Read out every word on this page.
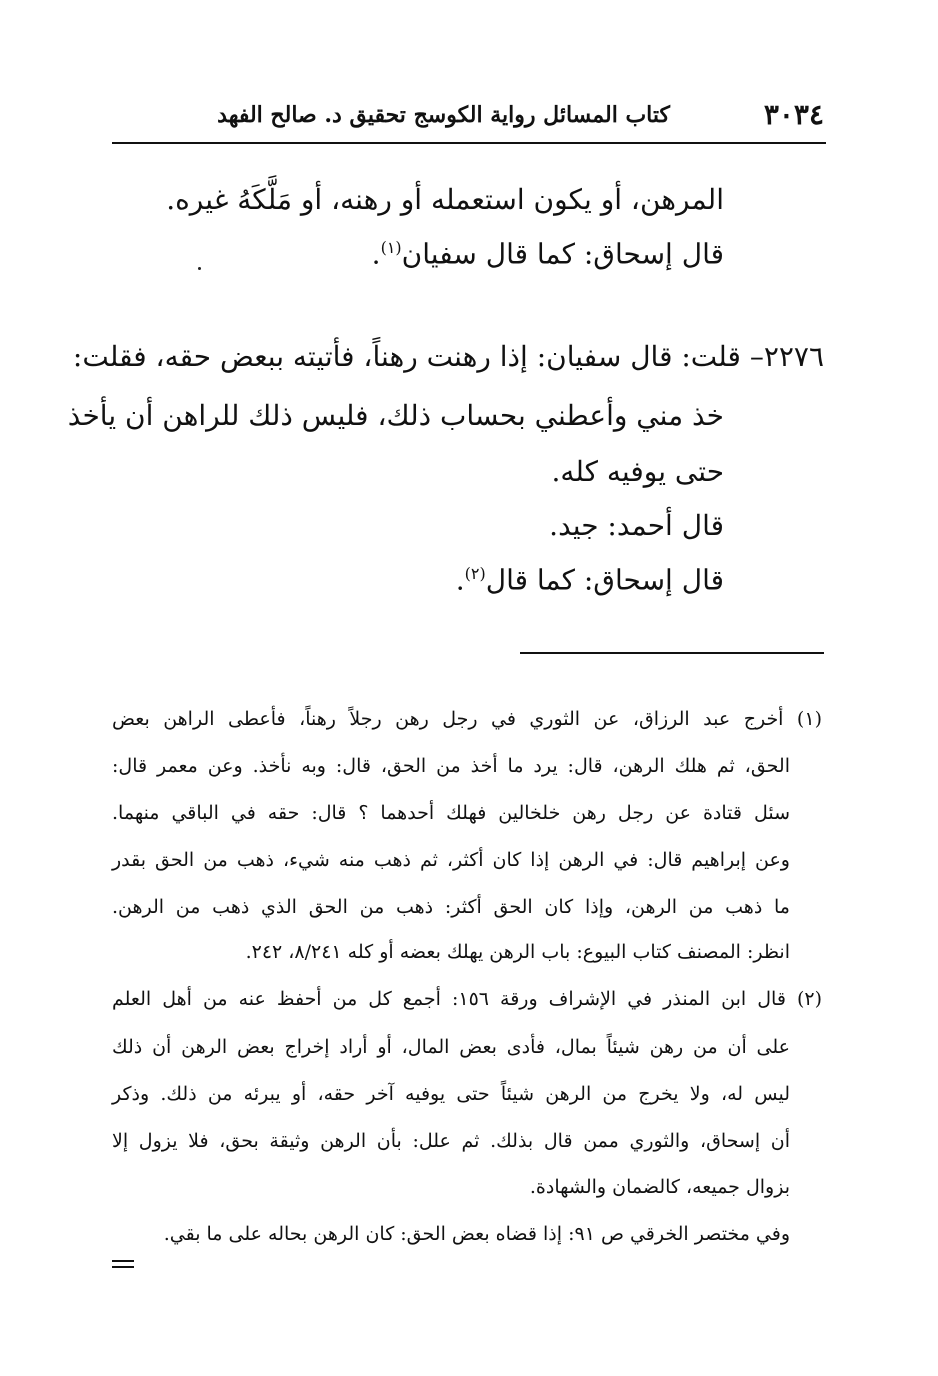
٣٠٣٤
كتاب المسائل رواية الكوسج تحقيق د. صالح الفهد
المرهن، أو يكون استعمله أو رهنه، أو مَلَّكَهُ غيره.
قال إسحاق: كما قال سفيان$^{(١)}$.
٢٢٧٦– قلت: قال سفيان: إذا رهنت رهناً، فأتيته ببعض حقه، فقلت:
خذ مني وأعطني بحساب ذلك، فليس ذلك للراهن أن يأخذ
حتى يوفيه كله.
قال أحمد: جيد.
قال إسحاق: كما قال$^{(٢)}$.
(١) أخرج عبد الرزاق، عن الثوري في رجل رهن رجلاً رهناً، فأعطى الراهن بعض
الحق، ثم هلك الرهن، قال: يرد ما أخذ من الحق، قال: وبه نأخذ. وعن معمر قال:
سئل قتادة عن رجل رهن خلخالين فهلك أحدهما ؟ قال: حقه في الباقي منهما.
وعن إبراهيم قال: في الرهن إذا كان أكثر، ثم ذهب منه شيء، ذهب من الحق بقدر
ما ذهب من الرهن، وإذا كان الحق أكثر: ذهب من الحق الذي ذهب من الرهن.
انظر: المصنف كتاب البيوع: باب الرهن يهلك بعضه أو كله ٨/٢٤١، ٢٤٢.
(٢) قال ابن المنذر في الإشراف ورقة ١٥٦: أجمع كل من أحفظ عنه من أهل العلم
على أن من رهن شيئاً بمال، فأدى بعض المال، أو أراد إخراج بعض الرهن أن ذلك
ليس له، ولا يخرج من الرهن شيئاً حتى يوفيه آخر حقه، أو يبرئه من ذلك. وذكر
أن إسحاق، والثوري ممن قال بذلك. ثم علل: بأن الرهن وثيقة بحق، فلا يزول إلا
بزوال جميعه، كالضمان والشهادة.
وفي مختصر الخرقي ص ٩١: إذا قضاه بعض الحق: كان الرهن بحاله على ما بقي.
